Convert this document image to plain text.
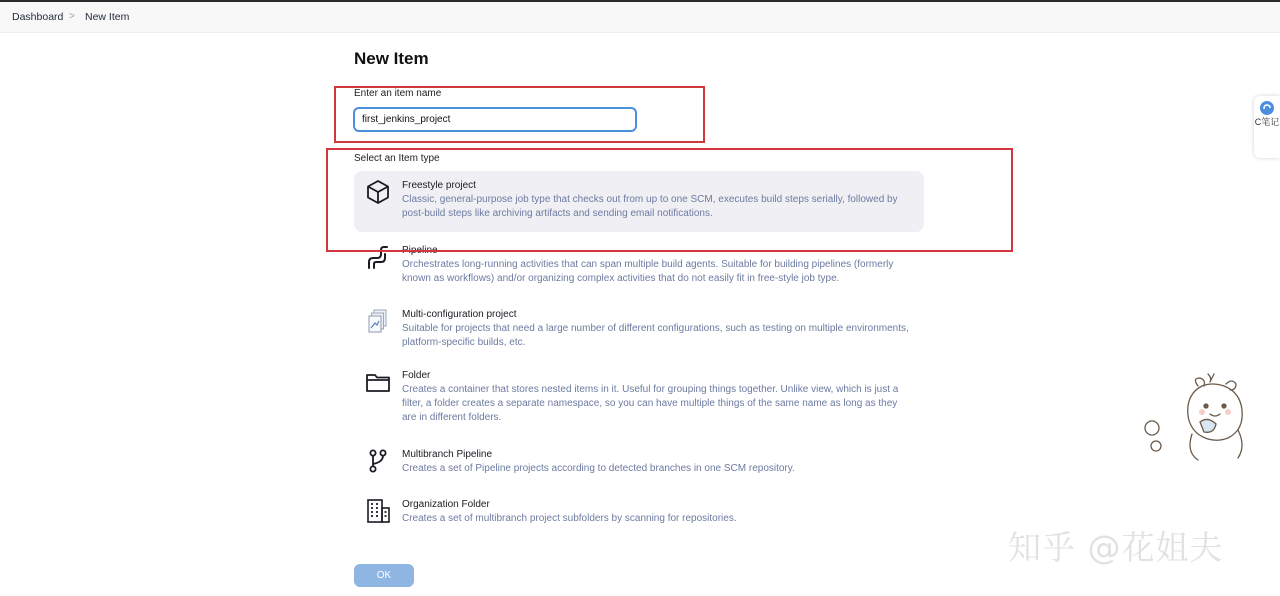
Dashboard > New Item
New Item
Enter an item name
first_jenkins_project
Select an Item type
Freestyle project
Classic, general-purpose job type that checks out from up to one SCM, executes build steps serially, followed by post-build steps like archiving artifacts and sending email notifications.
Pipeline
Orchestrates long-running activities that can span multiple build agents. Suitable for building pipelines (formerly known as workflows) and/or organizing complex activities that do not easily fit in free-style job type.
Multi-configuration project
Suitable for projects that need a large number of different configurations, such as testing on multiple environments, platform-specific builds, etc.
Folder
Creates a container that stores nested items in it. Useful for grouping things together. Unlike view, which is just a filter, a folder creates a separate namespace, so you can have multiple things of the same name as long as they are in different folders.
Multibranch Pipeline
Creates a set of Pipeline projects according to detected branches in one SCM repository.
Organization Folder
Creates a set of multibranch project subfolders by scanning for repositories.
OK
C笔记
知乎 @花姐夫
